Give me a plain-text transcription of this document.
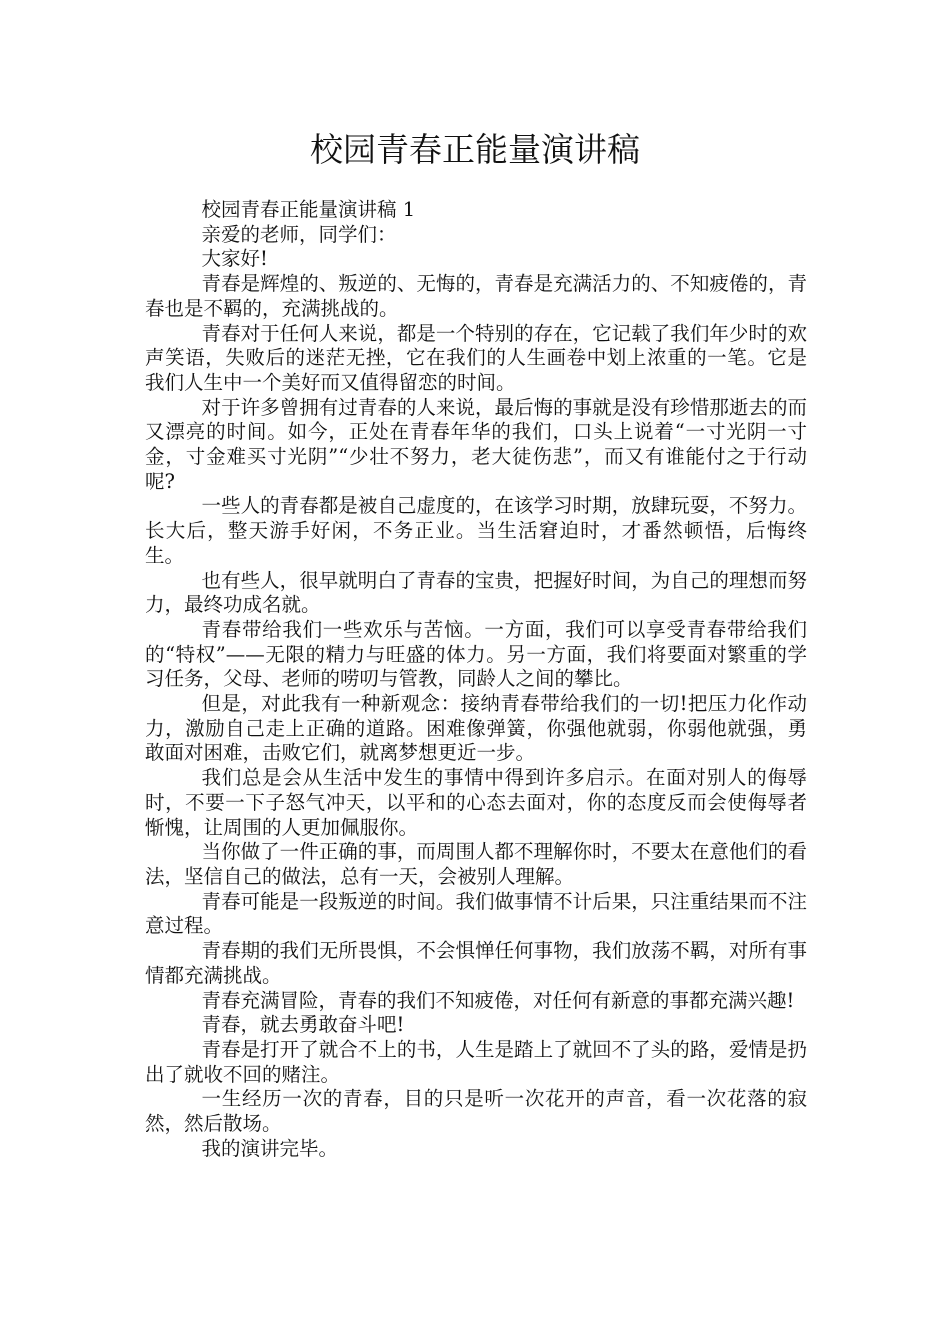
校园青春正能量演讲稿

校园青春正能量演讲稿 1

亲爱的老师，同学们：

大家好!

青春是辉煌的、叛逆的、无悔的，青春是充满活力的、不知疲倦的，青春也是不羁的，充满挑战的。

青春对于任何人来说，都是一个特别的存在，它记载了我们年少时的欢声笑语，失败后的迷茫无挫，它在我们的人生画卷中划上浓重的一笔。它是我们人生中一个美好而又值得留恋的时间。

对于许多曾拥有过青春的人来说，最后悔的事就是没有珍惜那逝去的而又漂亮的时间。如今，正处在青春年华的我们，口头上说着“一寸光阴一寸金，寸金难买寸光阴”“少壮不努力，老大徒伤悲”，而又有谁能付之于行动呢?

一些人的青春都是被自己虚度的，在该学习时期，放肆玩耍，不努力。长大后，整天游手好闲，不务正业。当生活窘迫时，才番然顿悟，后悔终生。

也有些人，很早就明白了青春的宝贵，把握好时间，为自己的理想而努力，最终功成名就。

青春带给我们一些欢乐与苦恼。一方面，我们可以享受青春带给我们的“特权”——无限的精力与旺盛的体力。另一方面，我们将要面对繁重的学习任务，父母、老师的唠叨与管教，同龄人之间的攀比。

但是，对此我有一种新观念：接纳青春带给我们的一切!把压力化作动力，激励自己走上正确的道路。困难像弹簧，你强他就弱，你弱他就强，勇敢面对困难，击败它们，就离梦想更近一步。

我们总是会从生活中发生的事情中得到许多启示。在面对别人的侮辱时，不要一下子怒气冲天，以平和的心态去面对，你的态度反而会使侮辱者惭愧，让周围的人更加佩服你。

当你做了一件正确的事，而周围人都不理解你时，不要太在意他们的看法，坚信自己的做法，总有一天，会被别人理解。

青春可能是一段叛逆的时间。我们做事情不计后果，只注重结果而不注意过程。

青春期的我们无所畏惧，不会惧惮任何事物，我们放荡不羁，对所有事情都充满挑战。

青春充满冒险，青春的我们不知疲倦，对任何有新意的事都充满兴趣!

青春，就去勇敢奋斗吧!

青春是打开了就合不上的书，人生是踏上了就回不了头的路，爱情是扔出了就收不回的赌注。

一生经历一次的青春，目的只是听一次花开的声音，看一次花落的寂然，然后散场。

我的演讲完毕。
